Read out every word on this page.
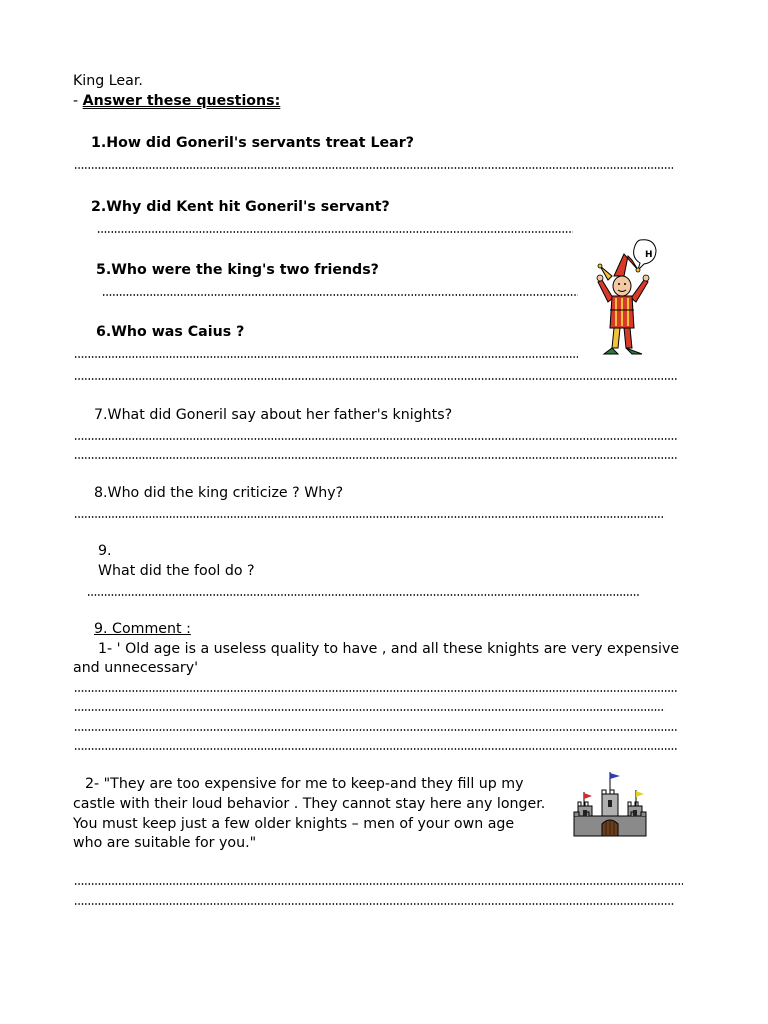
King Lear.
- Answer these questions:
1.How did Goneril's servants treat Lear?
2.Why did Kent hit Goneril's servant?
5.Who were the king's two friends?
6.Who was Caius ?
7.What did Goneril say about her father's knights?
8.Who did the king criticize ? Why?
9.
What did the fool do ?
9. Comment :
1- ' Old age is a useless quality to have , and all these knights are very expensive
and unnecessary'
2- "They are too expensive for me to keep-and they fill up my
castle with their loud behavior . They cannot stay here any longer.
You must keep just a few older knights – men of your own age
who are suitable for you."
H
